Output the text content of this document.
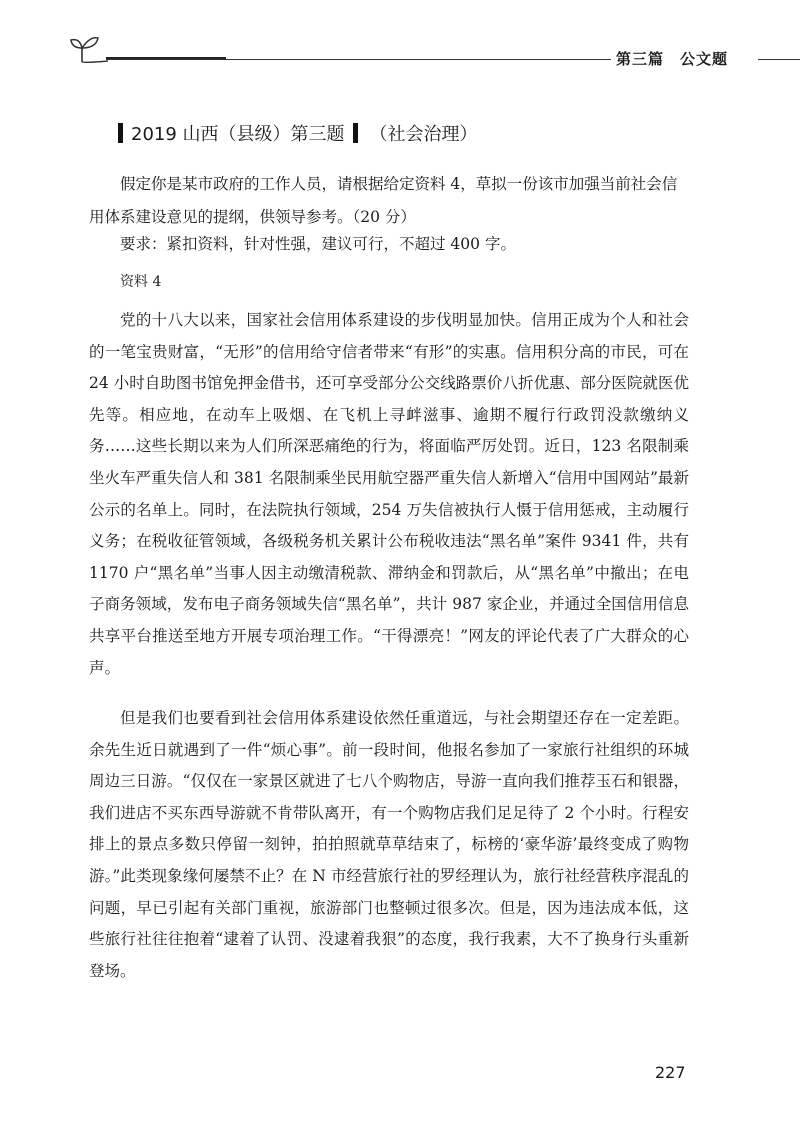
第三篇　公文题
2019 山西（县级）第三题 （社会治理）

假定你是某市政府的工作人员，请根据给定资料 4，草拟一份该市加强当前社会信用体系建设意见的提纲，供领导参考。（20 分）

要求：紧扣资料，针对性强，建议可行，不超过 400 字。

资料 4

党的十八大以来，国家社会信用体系建设的步伐明显加快。信用正成为个人和社会的一笔宝贵财富，“无形”的信用给守信者带来“有形”的实惠。信用积分高的市民，可在 24 小时自助图书馆免押金借书，还可享受部分公交线路票价八折优惠、部分医院就医优先等。相应地，在动车上吸烟、在飞机上寻衅滋事、逾期不履行行政罚没款缴纳义务……这些长期以来为人们所深恶痛绝的行为，将面临严厉处罚。近日，123 名限制乘坐火车严重失信人和 381 名限制乘坐民用航空器严重失信人新增入“信用中国网站”最新公示的名单上。同时，在法院执行领域，254 万失信被执行人慑于信用惩戒，主动履行义务；在税收征管领域，各级税务机关累计公布税收违法“黑名单”案件 9341 件，共有 1170 户“黑名单”当事人因主动缴清税款、滞纳金和罚款后，从“黑名单”中撤出；在电子商务领域，发布电子商务领域失信“黑名单”，共计 987 家企业，并通过全国信用信息共享平台推送至地方开展专项治理工作。“干得漂亮！”网友的评论代表了广大群众的心声。

但是我们也要看到社会信用体系建设依然任重道远，与社会期望还存在一定差距。余先生近日就遇到了一件“烦心事”。前一段时间，他报名参加了一家旅行社组织的环城周边三日游。“仅仅在一家景区就进了七八个购物店，导游一直向我们推荐玉石和银器，我们进店不买东西导游就不肯带队离开，有一个购物店我们足足待了 2 个小时。行程安排上的景点多数只停留一刻钟，拍拍照就草草结束了，标榜的‘豪华游’最终变成了购物游。”此类现象缘何屡禁不止？在 N 市经营旅行社的罗经理认为，旅行社经营秩序混乱的问题，早已引起有关部门重视，旅游部门也整顿过很多次。但是，因为违法成本低，这些旅行社往往抱着“逮着了认罚、没逮着我狠”的态度，我行我素，大不了换身行头重新登场。

227
